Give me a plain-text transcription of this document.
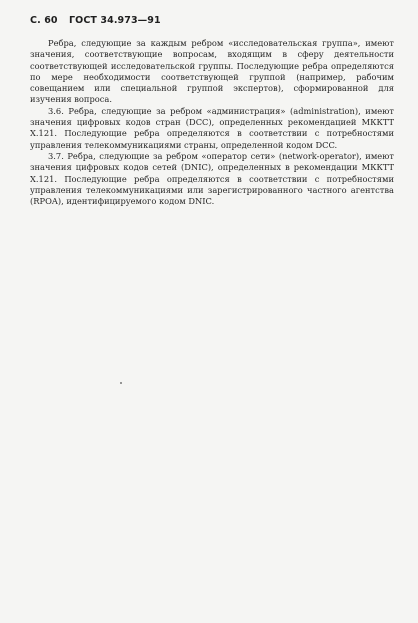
С. 60 ГОСТ 34.973—91

Ребра, следующие за каждым ребром «исследовательская группа», имеют значения, соответствующие вопросам, входящим в сферу деятельности соответствующей исследовательской группы. Последующие ребра определяются по мере необходимости соответствующей группой (например, рабочим совещанием или специальной группой экспертов), сформированной для изучения вопроса.

3.6. Ребра, следующие за ребром «администрация» (administration), имеют значения цифровых кодов стран (DCC), определенных рекомендацией МККТТ Х.121. Последующие ребра определяются в соответствии с потребностями управления телекоммуникациями страны, определенной кодом DCC.

3.7. Ребра, следующие за ребром «оператор сети» (network-operator), имеют значения цифровых кодов сетей (DNIC), определенных в рекомендации МККТТ Х.121. Последующие ребра определяются в соответствии с потребностями управления телекоммуникациями или зарегистрированного частного агентства (RPOA), идентифицируемого кодом DNIC.
